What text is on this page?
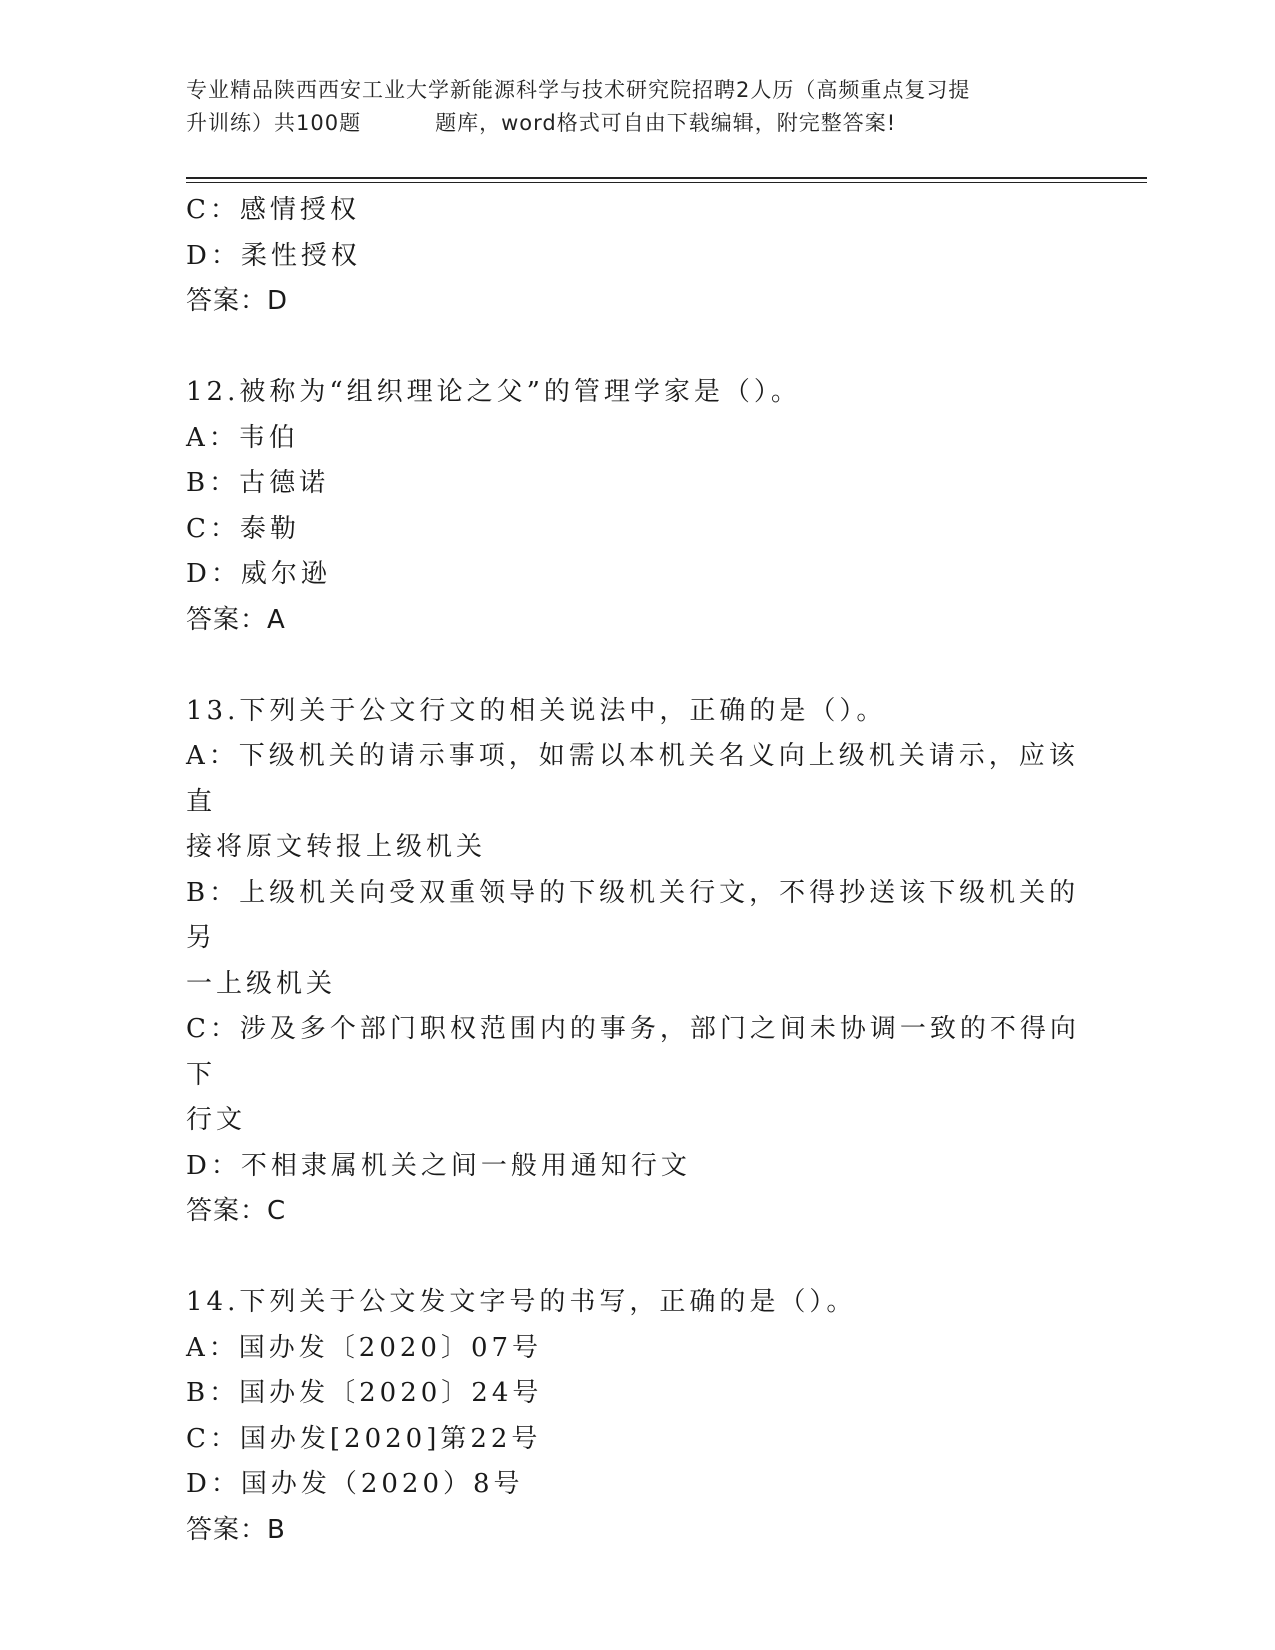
专业精品陕西西安工业大学新能源科学与技术研究院招聘2人历（高频重点复习提
升训练）共100题	题库，word格式可自由下载编辑，附完整答案!

C：感情授权

D：柔性授权

答案：D

12.被称为“组织理论之父”的管理学家是（）。

A：韦伯

B：古德诺

C：泰勒

D：威尔逊

答案：A

13.下列关于公文行文的相关说法中，正确的是（）。

A：下级机关的请示事项，如需以本机关名义向上级机关请示，应该直

接将原文转报上级机关

B：上级机关向受双重领导的下级机关行文，不得抄送该下级机关的另

一上级机关

C：涉及多个部门职权范围内的事务，部门之间未协调一致的不得向下

行文

D：不相隶属机关之间一般用通知行文

答案：C

14.下列关于公文发文字号的书写，正确的是（）。

A：国办发〔2020〕07号

B：国办发〔2020〕24号

C：国办发[2020]第22号

D：国办发（2020）8号

答案：B
